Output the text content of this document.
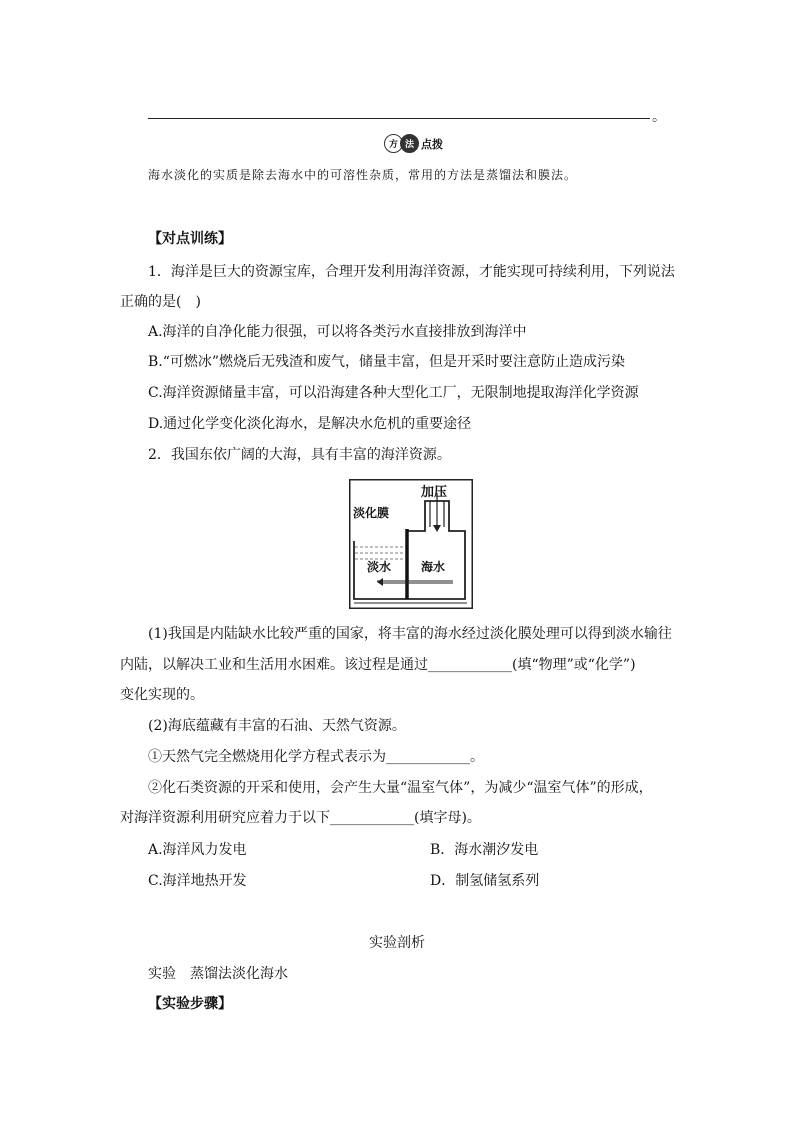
。
方 法 点拨
海水淡化的实质是除去海水中的可溶性杂质，常用的方法是蒸馏法和膜法。
【对点训练】
1．海洋是巨大的资源宝库，合理开发利用海洋资源，才能实现可持续利用，下列说法
正确的是(　)
A.海洋的自净化能力很强，可以将各类污水直接排放到海洋中
B.“可燃冰”燃烧后无残渣和废气，储量丰富，但是开采时要注意防止造成污染
C.海洋资源储量丰富，可以沿海建各种大型化工厂，无限制地提取海洋化学资源
D.通过化学变化淡化海水，是解决水危机的重要途径
2．我国东依广阔的大海，具有丰富的海洋资源。
加压
淡化膜
淡水 海水
(1)我国是内陆缺水比较严重的国家，将丰富的海水经过淡化膜处理可以得到淡水输往
内陆，以解决工业和生活用水困难。该过程是通过____________(填“物理”或“化学”)
变化实现的。
(2)海底蕴藏有丰富的石油、天然气资源。
①天然气完全燃烧用化学方程式表示为____________。
②化石类资源的开采和使用，会产生大量“温室气体”，为减少“温室气体”的形成，
对海洋资源利用研究应着力于以下____________(填字母)。
A.海洋风力发电	B．海水潮汐发电
C.海洋地热开发	D．制氢储氢系列
实验剖析
实验　蒸馏法淡化海水
【实验步骤】
